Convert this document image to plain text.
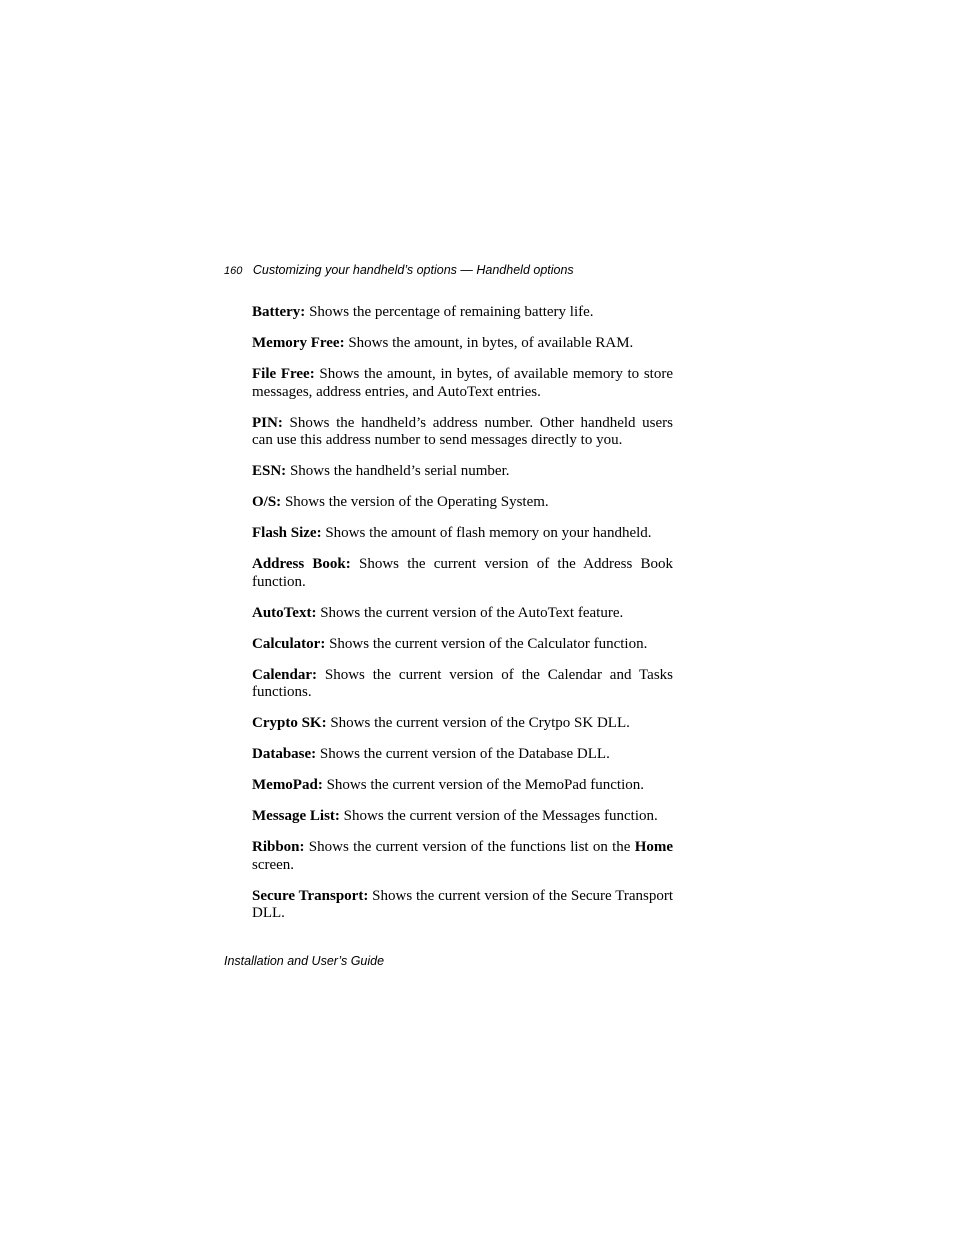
160 Customizing your handheld’s options — Handheld options

Battery: Shows the percentage of remaining battery life.

Memory Free: Shows the amount, in bytes, of available RAM.

File Free: Shows the amount, in bytes, of available memory to store messages, address entries, and AutoText entries.

PIN: Shows the handheld’s address number. Other handheld users can use this address number to send messages directly to you.

ESN: Shows the handheld’s serial number.

O/S: Shows the version of the Operating System.

Flash Size: Shows the amount of flash memory on your handheld.

Address Book: Shows the current version of the Address Book function.

AutoText: Shows the current version of the AutoText feature.

Calculator: Shows the current version of the Calculator function.

Calendar: Shows the current version of the Calendar and Tasks functions.

Crypto SK: Shows the current version of the Crytpo SK DLL.

Database: Shows the current version of the Database DLL.

MemoPad: Shows the current version of the MemoPad function.

Message List: Shows the current version of the Messages function.

Ribbon: Shows the current version of the functions list on the Home screen.

Secure Transport: Shows the current version of the Secure Transport DLL.

Installation and User’s Guide
